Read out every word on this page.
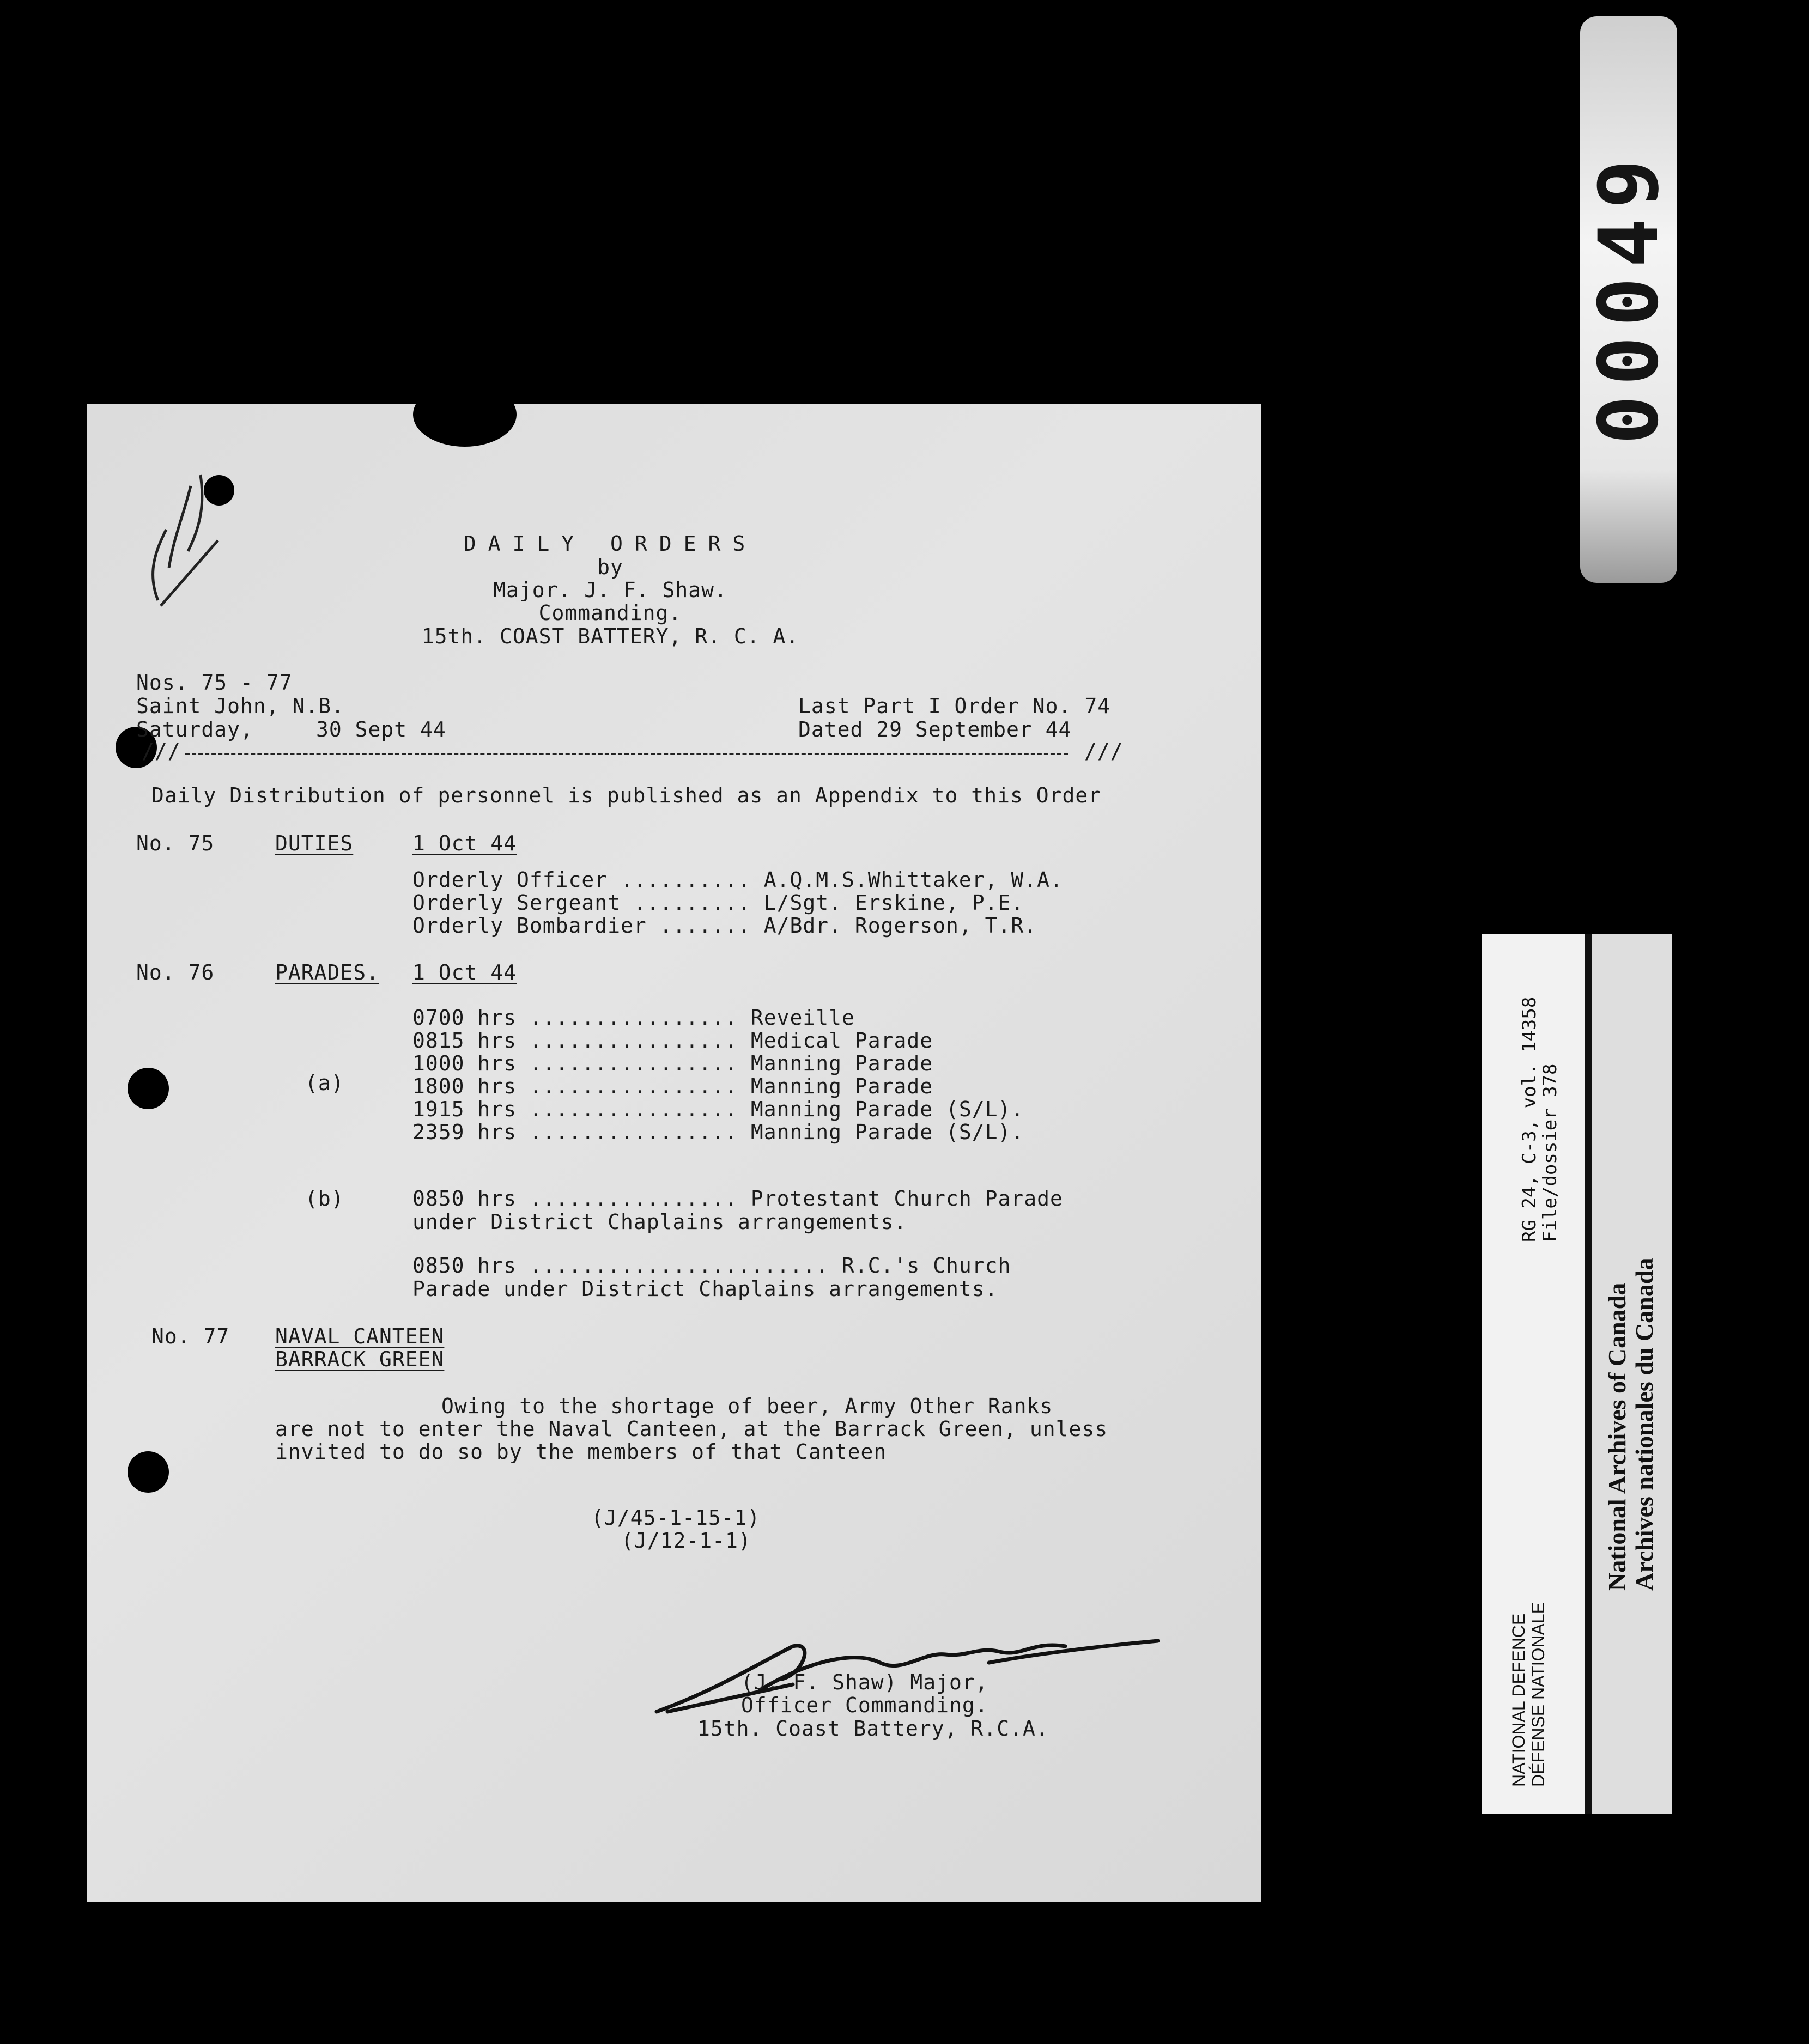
DAILY ORDERS
by
Major. J. F. Shaw.
Commanding.
15th. COAST BATTERY, R. C. A.
Nos. 75 - 77
Saint John, N.B.
Saturday,	30 Sept 44
Last Part I Order No. 74
Dated 29 September 44
///	///
Daily Distribution of personnel is published as an Appendix to this Order
No. 75	DUTIES	1 Oct 44
Orderly Officer .......... A.Q.M.S.Whittaker, W.A.
Orderly Sergeant ......... L/Sgt. Erskine, P.E.
Orderly Bombardier ....... A/Bdr. Rogerson, T.R.
No. 76	PARADES. 1 Oct 44
(a)
0700 hrs ................ Reveille
0815 hrs ................ Medical Parade
1000 hrs ................ Manning Parade
1800 hrs ................ Manning Parade
1915 hrs ................ Manning Parade (S/L).
2359 hrs ................ Manning Parade (S/L).
(b)	0850 hrs ................ Protestant Church Parade
under District Chaplains arrangements.
0850 hrs ....................... R.C.'s Church
Parade under District Chaplains arrangements.
No. 77 NAVAL CANTEEN
BARRACK GREEN
Owing to the shortage of beer, Army Other Ranks
are not to enter the Naval Canteen, at the Barrack Green, unless
invited to do so by the members of that Canteen
(J/45-1-15-1)
(J/12-1-1)
(J. F. Shaw) Major,
Officer Commanding.
15th. Coast Battery, R.C.A.
00049
RG 24, C-3, vol. 14358
File/dossier 378
NATIONAL DEFENCE DÉFENSE NATIONALE
National Archives of Canada Archives nationales du Canada
